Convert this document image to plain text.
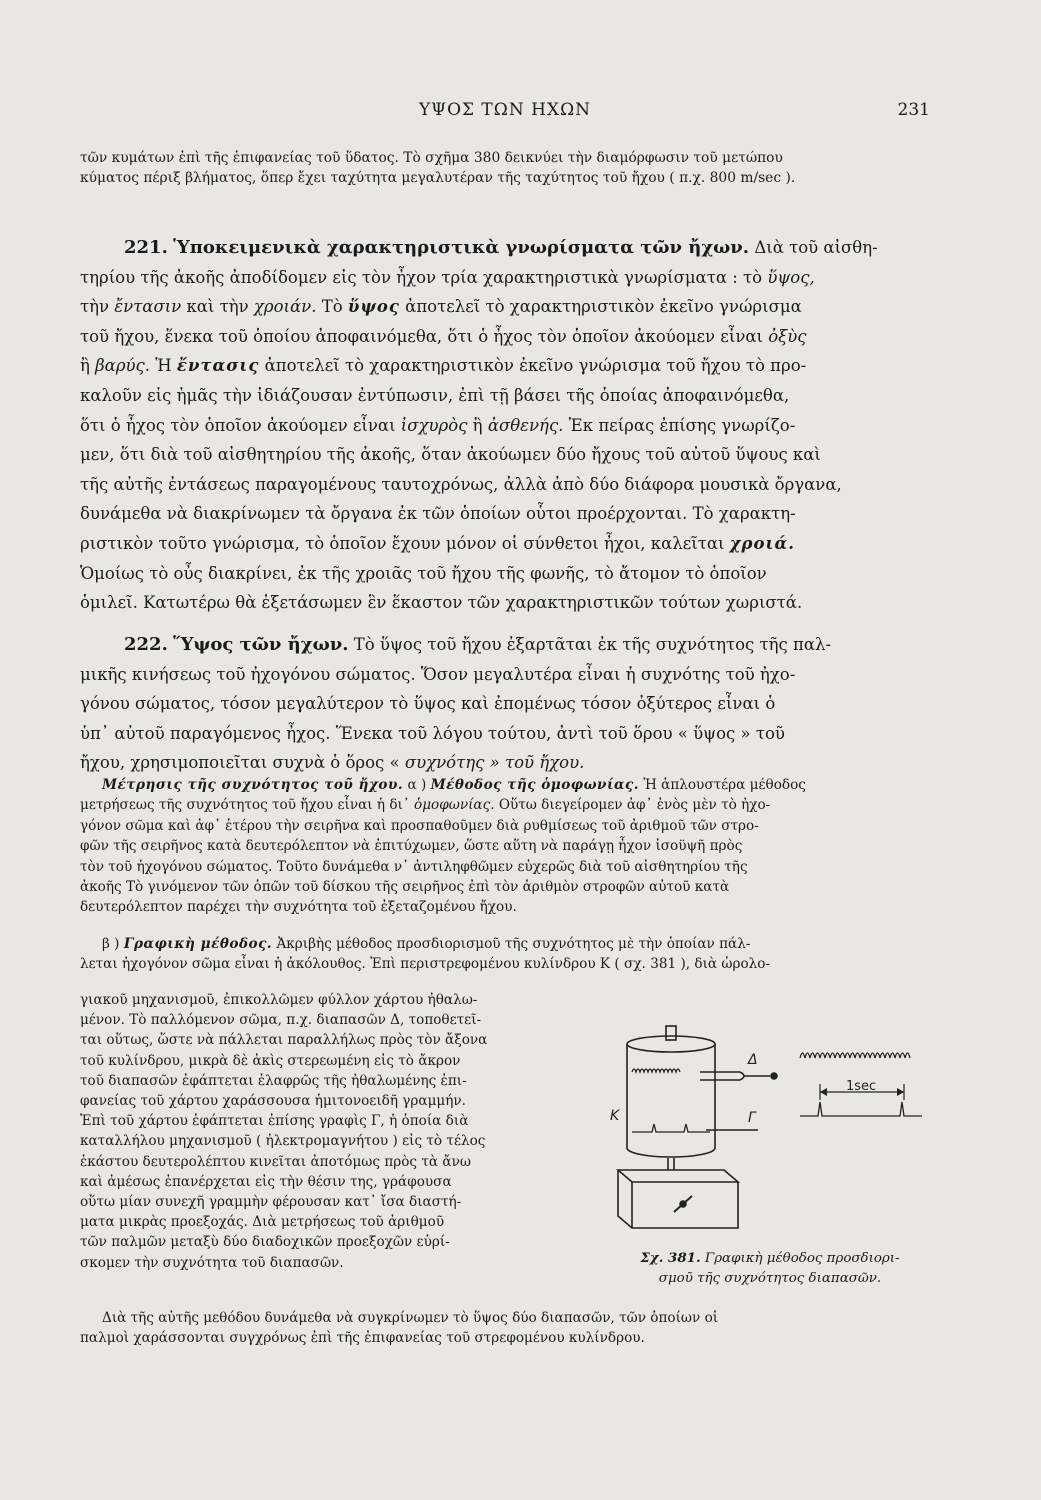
ΥΨΟΣ ΤΩΝ ΗΧΩΝ	231
τῶν κυμάτων ἐπὶ τῆς ἐπιφανείας τοῦ ὕδατος. Τὸ σχῆμα 380 δεικνύει τὴν διαμόρφωσιν τοῦ μετώπου
κύματος πέριξ βλήματος, ὅπερ ἔχει ταχύτητα μεγαλυτέραν τῆς ταχύτητος τοῦ ἤχου ( π.χ. 800 m/sec ).
221. Ὑποκειμενικὰ χαρακτηριστικὰ γνωρίσματα τῶν ἤχων. Διὰ τοῦ αἰσθη-
τηρίου τῆς ἀκοῆς ἀποδίδομεν εἰς τὸν ἦχον τρία χαρακτηριστικὰ γνωρίσματα : τὸ ὕψος,
τὴν ἔντασιν καὶ τὴν χροιάν. Τὸ ὕψος ἀποτελεῖ τὸ χαρακτηριστικὸν ἐκεῖνο γνώρισμα
τοῦ ἤχου, ἕνεκα τοῦ ὁποίου ἀποφαινόμεθα, ὅτι ὁ ἦχος τὸν ὁποῖον ἀκούομεν εἶναι ὀξὺς
ἢ βαρύς. Ἡ ἔντασις ἀποτελεῖ τὸ χαρακτηριστικὸν ἐκεῖνο γνώρισμα τοῦ ἤχου τὸ προ-
καλοῦν εἰς ἡμᾶς τὴν ἰδιάζουσαν ἐντύπωσιν, ἐπὶ τῇ βάσει τῆς ὁποίας ἀποφαινόμεθα,
ὅτι ὁ ἦχος τὸν ὁποῖον ἀκούομεν εἶναι ἰσχυρὸς ἢ ἀσθενής. Ἐκ πείρας ἐπίσης γνωρίζο-
μεν, ὅτι διὰ τοῦ αἰσθητηρίου τῆς ἀκοῆς, ὅταν ἀκούωμεν δύο ἤχους τοῦ αὐτοῦ ὕψους καὶ
τῆς αὐτῆς ἐντάσεως παραγομένους ταυτοχρόνως, ἀλλὰ ἀπὸ δύο διάφορα μουσικὰ ὄργανα,
δυνάμεθα νὰ διακρίνωμεν τὰ ὄργανα ἐκ τῶν ὁποίων οὗτοι προέρχονται. Τὸ χαρακτη-
ριστικὸν τοῦτο γνώρισμα, τὸ ὁποῖον ἔχουν μόνον οἱ σύνθετοι ἦχοι, καλεῖται χροιά.
Ὁμοίως τὸ οὖς διακρίνει, ἐκ τῆς χροιᾶς τοῦ ἤχου τῆς φωνῆς, τὸ ἄτομον τὸ ὁποῖον
ὁμιλεῖ. Κατωτέρω θὰ ἐξετάσωμεν ἓν ἕκαστον τῶν χαρακτηριστικῶν τούτων χωριστά.
222. Ὕψος τῶν ἤχων. Τὸ ὕψος τοῦ ἤχου ἐξαρτᾶται ἐκ τῆς συχνότητος τῆς παλ-
μικῆς κινήσεως τοῦ ἠχογόνου σώματος. Ὅσον μεγαλυτέρα εἶναι ἡ συχνότης τοῦ ἠχο-
γόνου σώματος, τόσον μεγαλύτερον τὸ ὕψος καὶ ἐπομένως τόσον ὀξύτερος εἶναι ὁ
ὑπ᾽ αὐτοῦ παραγόμενος ἦχος. Ἕνεκα τοῦ λόγου τούτου, ἀντὶ τοῦ ὅρου « ὕψος » τοῦ
ἤχου, χρησιμοποιεῖται συχνὰ ὁ ὅρος « συχνότης » τοῦ ἤχου.
Μέτρησις τῆς συχνότητος τοῦ ἤχου. α ) Μέθοδος τῆς ὁμοφωνίας. Ἡ ἁπλουστέρα μέθοδος
μετρήσεως τῆς συχνότητος τοῦ ἤχου εἶναι ἡ δι᾽ ὁμοφωνίας. Οὕτω διεγείρομεν ἀφ᾽ ἑνὸς μὲν τὸ ἠχο-
γόνον σῶμα καὶ ἀφ᾽ ἑτέρου τὴν σειρῆνα καὶ προσπαθοῦμεν διὰ ρυθμίσεως τοῦ ἀριθμοῦ τῶν στρο-
φῶν τῆς σειρῆνος κατὰ δευτερόλεπτον νὰ ἐπιτύχωμεν, ὥστε αὕτη νὰ παράγῃ ἦχον ἰσοϋψῆ πρὸς
τὸν τοῦ ἠχογόνου σώματος. Τοῦτο δυνάμεθα ν᾽ ἀντιληφθῶμεν εὐχερῶς διὰ τοῦ αἰσθητηρίου τῆς
ἀκοῆς Τὸ γινόμενον τῶν ὀπῶν τοῦ δίσκου τῆς σειρῆνος ἐπὶ τὸν ἀριθμὸν στροφῶν αὐτοῦ κατὰ
δευτερόλεπτον παρέχει τὴν συχνότητα τοῦ ἐξεταζομένου ἤχου.
β ) Γραφικὴ μέθοδος. Ἀκριβὴς μέθοδος προσδιορισμοῦ τῆς συχνότητος μὲ τὴν ὁποίαν πάλ-
λεται ἠχογόνον σῶμα εἶναι ἡ ἀκόλουθος. Ἐπὶ περιστρεφομένου κυλίνδρου Κ ( σχ. 381 ), διὰ ὡρολο-
γιακοῦ μηχανισμοῦ, ἐπικολλῶμεν φύλλον χάρτου ἠθαλω-
μένον. Τὸ παλλόμενον σῶμα, π.χ. διαπασῶν Δ, τοποθετεῖ-
ται οὕτως, ὥστε νὰ πάλλεται παραλλήλως πρὸς τὸν ἄξονα
τοῦ κυλίνδρου, μικρὰ δὲ ἀκὶς στερεωμένη εἰς τὸ ἄκρον
τοῦ διαπασῶν ἐφάπτεται ἐλαφρῶς τῆς ἠθαλωμένης ἐπι-
φανείας τοῦ χάρτου χαράσσουσα ἡμιτονοειδῆ γραμμήν.
Ἐπὶ τοῦ χάρτου ἐφάπτεται ἐπίσης γραφὶς Γ, ἡ ὁποία διὰ
καταλλήλου μηχανισμοῦ ( ἠλεκτρομαγνήτου ) εἰς τὸ τέλος
ἑκάστου δευτερολέπτου κινεῖται ἀποτόμως πρὸς τὰ ἄνω
καὶ ἀμέσως ἐπανέρχεται εἰς τὴν θέσιν της, γράφουσα
οὕτω μίαν συνεχῆ γραμμὴν φέρουσαν κατ᾽ ἴσα διαστή-
ματα μικρὰς προεξοχάς. Διὰ μετρήσεως τοῦ ἀριθμοῦ
τῶν παλμῶν μεταξὺ δύο διαδοχικῶν προεξοχῶν εὑρί-
σκομεν τὴν συχνότητα τοῦ διαπασῶν.
Κ
Δ
Γ
1sec
Σχ. 381. Γραφικὴ μέθοδος προσδιορι-
σμοῦ τῆς συχνότητος διαπασῶν.
Διὰ τῆς αὐτῆς μεθόδου δυνάμεθα νὰ συγκρίνωμεν τὸ ὕψος δύο διαπασῶν, τῶν ὁποίων οἱ
παλμοὶ χαράσσονται συγχρόνως ἐπὶ τῆς ἐπιφανείας τοῦ στρεφομένου κυλίνδρου.
